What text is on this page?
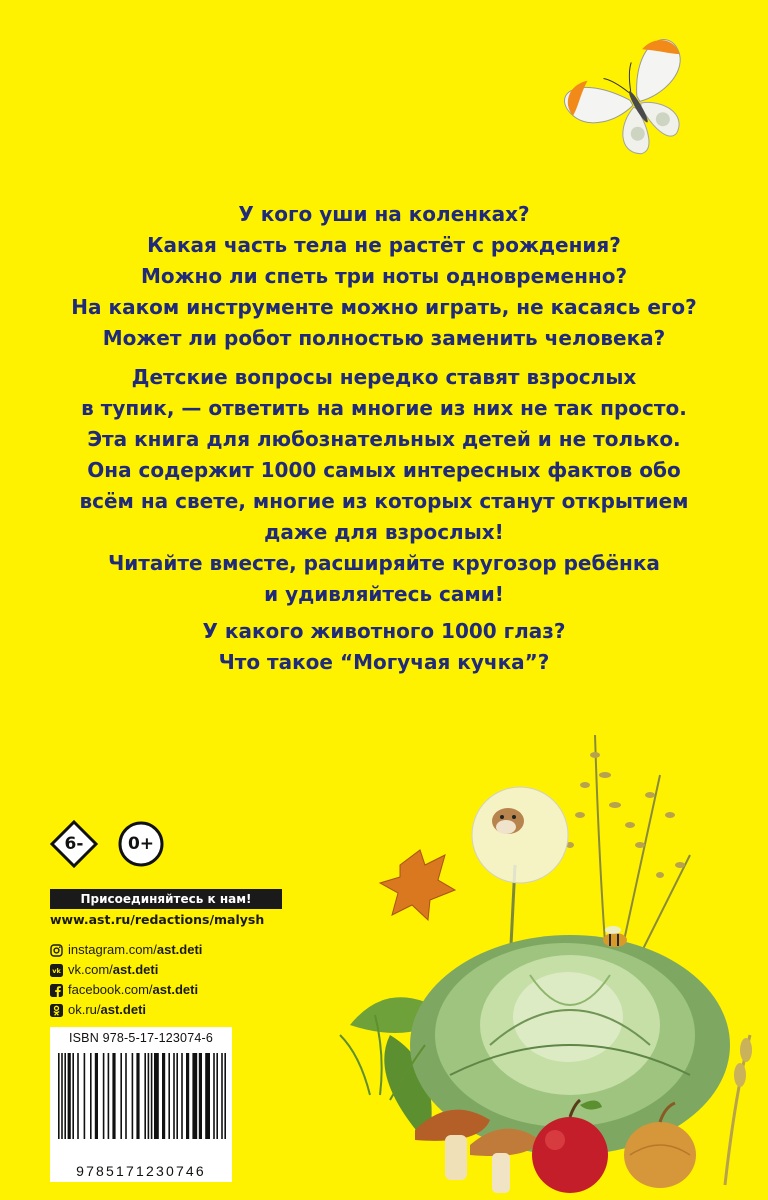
У кого уши на коленках?
Какая часть тела не растёт с рождения?
Можно ли спеть три ноты одновременно?
На каком инструменте можно играть, не касаясь его?
Может ли робот полностью заменить человека?
Детские вопросы нередко ставят взрослых
в тупик, — ответить на многие из них не так просто.
Эта книга для любознательных детей и не только.
Она содержит 1000 самых интересных фактов обо
всём на свете, многие из которых станут открытием
даже для взрослых!
Читайте вместе, расширяйте кругозор ребёнка
и удивляйтесь сами!
У какого животного 1000 глаз?
Что такое “Могучая кучка”?
6-	0+
Присоединяйтесь к нам!
www.ast.ru/redactions/malysh
instagram.com/ ast.deti
vk vk.com/ ast.deti
facebook.com/ ast.deti
ok.ru/ ast.deti
ISBN 978-5-17-123074-6
9785171230746
